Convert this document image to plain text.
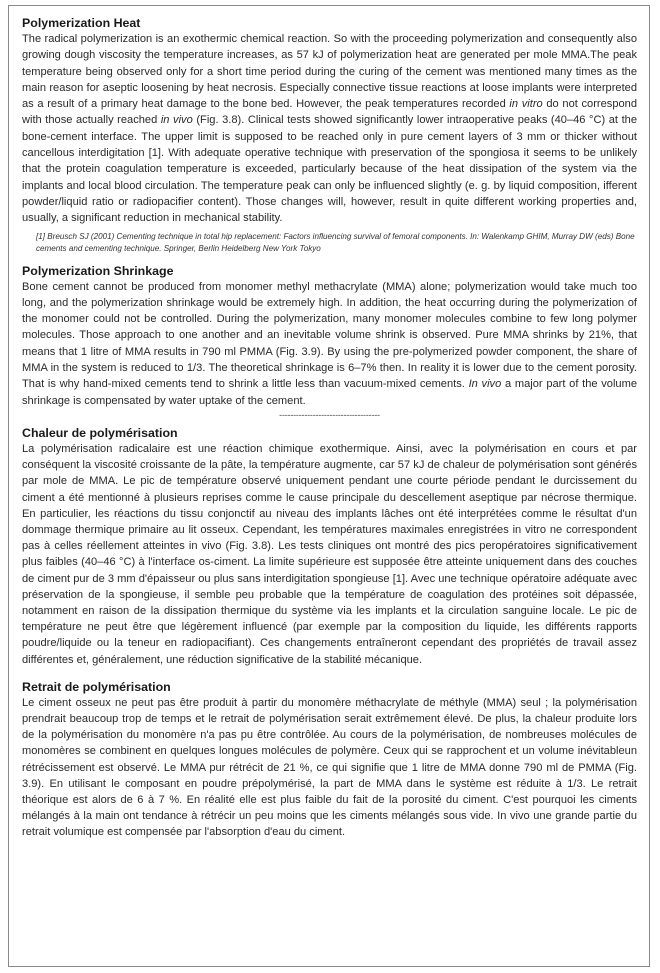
Polymerization Heat

The radical polymerization is an exothermic chemical reaction. So with the proceeding polymerization and consequently also growing dough viscosity the temperature increases, as 57 kJ of polymerization heat are generated per mole MMA.The peak temperature being observed only for a short time period during the curing of the cement was mentioned many times as the main reason for aseptic loosening by heat necrosis. Especially connective tissue reactions at loose implants were interpreted as a result of a primary heat damage to the bone bed. However, the peak temperatures recorded in vitro do not correspond with those actually reached in vivo (Fig. 3.8). Clinical tests showed significantly lower intraoperative peaks (40–46 °C) at the bone-cement interface. The upper limit is supposed to be reached only in pure cement layers of 3 mm or thicker without cancellous interdigitation [1]. With adequate operative technique with preservation of the spongiosa it seems to be unlikely that the protein coagulation temperature is exceeded, particularly because of the heat dissipation of the system via the implants and local blood circulation. The temperature peak can only be influenced slightly (e. g. by liquid composition, ifferent powder/liquid ratio or radiopacifier content). Those changes will, however, result in quite different working properties and, usually, a significant reduction in mechanical stability.

[1] Breusch SJ (2001) Cementing technique in total hip replacement: Factors influencing survival of femoral components. In: Walenkamp GHIM, Murray DW (eds) Bone cements and cementing technique. Springer, Berlin Heidelberg New York Tokyo

Polymerization Shrinkage

Bone cement cannot be produced from monomer methyl methacrylate (MMA) alone; polymerization would take much too long, and the polymerization shrinkage would be extremely high. In addition, the heat occurring during the polymerization of the monomer could not be controlled. During the polymerization, many monomer molecules combine to few long polymer molecules. Those approach to one another and an inevitable volume shrink is observed. Pure MMA shrinks by 21%, that means that 1 litre of MMA results in 790 ml PMMA (Fig. 3.9). By using the pre-polymerized powder component, the share of MMA in the system is reduced to 1/3. The theoretical shrinkage is 6–7% then. In reality it is lower due to the cement porosity. That is why hand-mixed cements tend to shrink a little less than vacuum-mixed cements. In vivo a major part of the volume shrinkage is compensated by water uptake of the cement.

------------------------------------
Chaleur de polymérisation

La polymérisation radicalaire est une réaction chimique exothermique. Ainsi, avec la polymérisation en cours et par conséquent la viscosité croissante de la pâte, la température augmente, car 57 kJ de chaleur de polymérisation sont générés par mole de MMA. Le pic de température observé uniquement pendant une courte période pendant le durcissement du ciment a été mentionné à plusieurs reprises comme le cause principale du descellement aseptique par nécrose thermique. En particulier, les réactions du tissu conjonctif au niveau des implants lâches ont été interprétées comme le résultat d'un dommage thermique primaire au lit osseux. Cependant, les températures maximales enregistrées in vitro ne correspondent pas à celles réellement atteintes in vivo (Fig. 3.8). Les tests cliniques ont montré des pics peropératoires significativement plus faibles (40–46 °C) à l'interface os-ciment. La limite supérieure est supposée être atteinte uniquement dans des couches de ciment pur de 3 mm d'épaisseur ou plus sans interdigitation spongieuse [1]. Avec une technique opératoire adéquate avec préservation de la spongieuse, il semble peu probable que la température de coagulation des protéines soit dépassée, notamment en raison de la dissipation thermique du système via les implants et la circulation sanguine locale. Le pic de température ne peut être que légèrement influencé (par exemple par la composition du liquide, les différents rapports poudre/liquide ou la teneur en radiopacifiant). Ces changements entraîneront cependant des propriétés de travail assez différentes et, généralement, une réduction significative de la stabilité mécanique.

Retrait de polymérisation

Le ciment osseux ne peut pas être produit à partir du monomère méthacrylate de méthyle (MMA) seul ; la polymérisation prendrait beaucoup trop de temps et le retrait de polymérisation serait extrêmement élevé. De plus, la chaleur produite lors de la polymérisation du monomère n'a pas pu être contrôlée. Au cours de la polymérisation, de nombreuses molécules de monomères se combinent en quelques longues molécules de polymère. Ceux qui se rapprochent et un volume inévitableun rétrécissement est observé. Le MMA pur rétrécit de 21 %, ce qui signifie que 1 litre de MMA donne 790 ml de PMMA (Fig. 3.9). En utilisant le composant en poudre prépolymérisé, la part de MMA dans le système est réduite à 1/3. Le retrait théorique est alors de 6 à 7 %. En réalité elle est plus faible du fait de la porosité du ciment. C'est pourquoi les ciments mélangés à la main ont tendance à rétrécir un peu moins que les ciments mélangés sous vide. In vivo une grande partie du retrait volumique est compensée par l'absorption d'eau du ciment.
